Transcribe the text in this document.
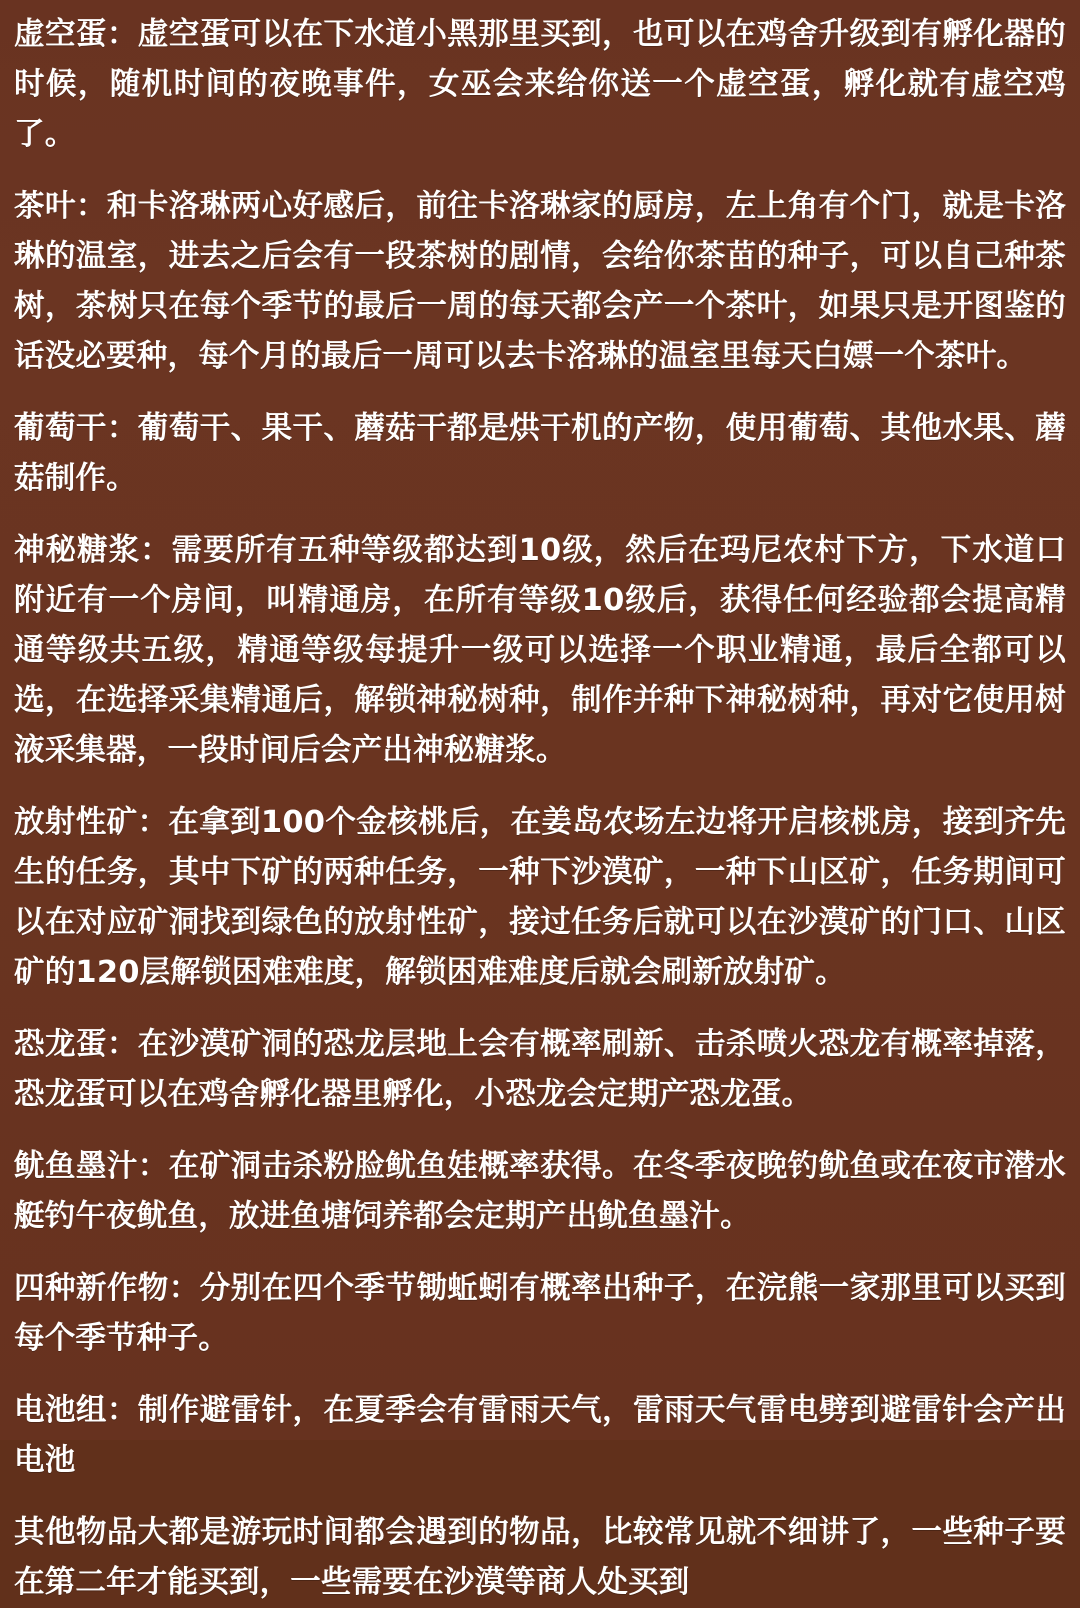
虚空蛋：虚空蛋可以在下水道小黑那里买到，也可以在鸡舍升级到有孵化器的时候，随机时间的夜晚事件，女巫会来给你送一个虚空蛋，孵化就有虚空鸡了。

茶叶：和卡洛琳两心好感后，前往卡洛琳家的厨房，左上角有个门，就是卡洛琳的温室，进去之后会有一段茶树的剧情，会给你茶苗的种子，可以自己种茶树，茶树只在每个季节的最后一周的每天都会产一个茶叶，如果只是开图鉴的话没必要种，每个月的最后一周可以去卡洛琳的温室里每天白嫖一个茶叶。

葡萄干：葡萄干、果干、蘑菇干都是烘干机的产物，使用葡萄、其他水果、蘑菇制作。

神秘糖浆：需要所有五种等级都达到10级，然后在玛尼农村下方，下水道口附近有一个房间，叫精通房，在所有等级10级后，获得任何经验都会提高精通等级共五级，精通等级每提升一级可以选择一个职业精通，最后全都可以选，在选择采集精通后，解锁神秘树种，制作并种下神秘树种，再对它使用树液采集器，一段时间后会产出神秘糖浆。

放射性矿：在拿到100个金核桃后，在姜岛农场左边将开启核桃房，接到齐先生的任务，其中下矿的两种任务，一种下沙漠矿，一种下山区矿，任务期间可以在对应矿洞找到绿色的放射性矿，接过任务后就可以在沙漠矿的门口、山区矿的120层解锁困难难度，解锁困难难度后就会刷新放射矿。

恐龙蛋：在沙漠矿洞的恐龙层地上会有概率刷新、击杀喷火恐龙有概率掉落，恐龙蛋可以在鸡舍孵化器里孵化，小恐龙会定期产恐龙蛋。

鱿鱼墨汁：在矿洞击杀粉脸鱿鱼娃概率获得。在冬季夜晚钓鱿鱼或在夜市潜水艇钓午夜鱿鱼，放进鱼塘饲养都会定期产出鱿鱼墨汁。

四种新作物：分别在四个季节锄蚯蚓有概率出种子，在浣熊一家那里可以买到每个季节种子。

电池组：制作避雷针，在夏季会有雷雨天气，雷雨天气雷电劈到避雷针会产出电池

其他物品大都是游玩时间都会遇到的物品，比较常见就不细讲了，一些种子要在第二年才能买到，一些需要在沙漠等商人处买到
